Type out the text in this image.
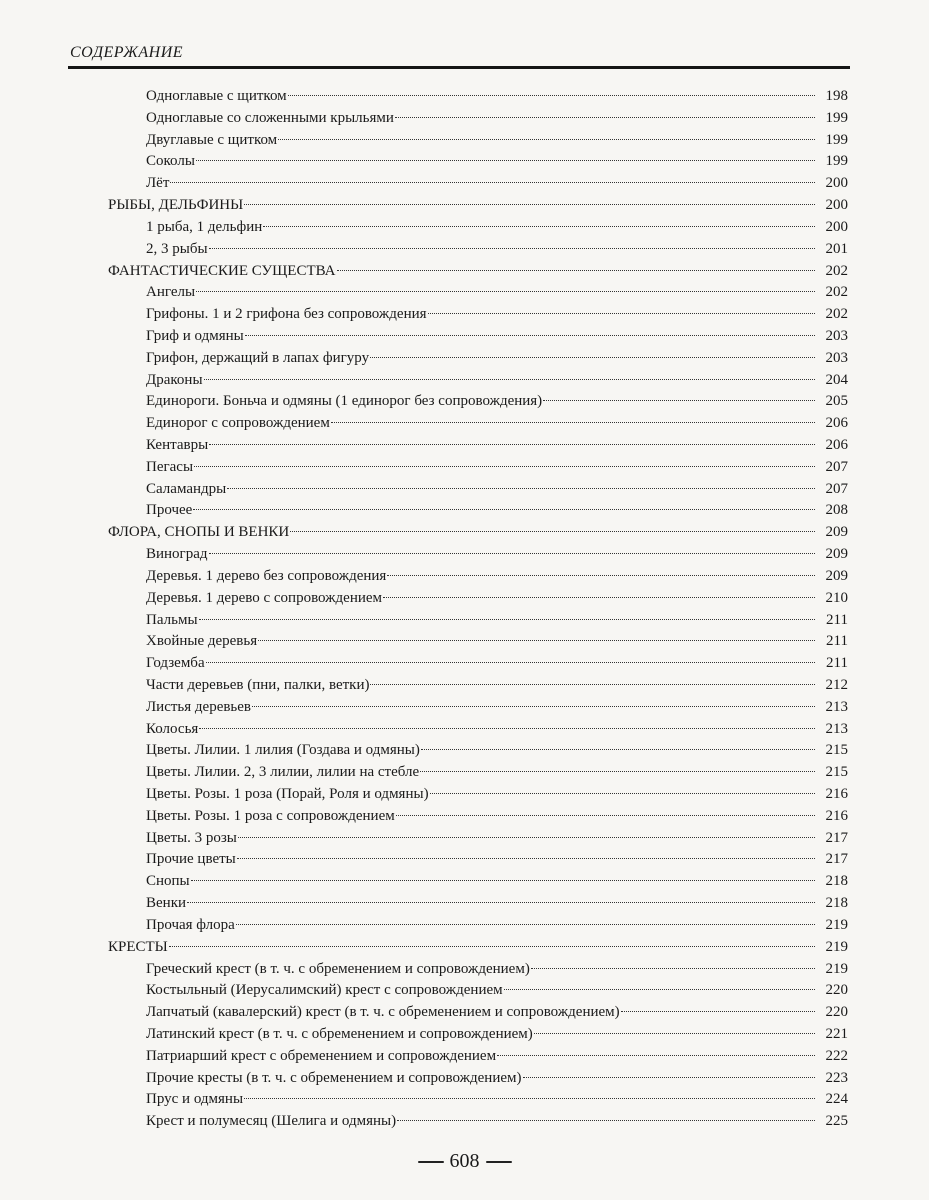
СОДЕРЖАНИЕ
Одноглавые с щитком	198
Одноглавые со сложенными крыльями	199
Двуглавые с щитком	199
Соколы	199
Лёт	200
РЫБЫ, ДЕЛЬФИНЫ	200
1 рыба, 1 дельфин	200
2, 3 рыбы	201
ФАНТАСТИЧЕСКИЕ СУЩЕСТВА	202
Ангелы	202
Грифоны. 1 и 2 грифона без сопровождения	202
Гриф и одмяны	203
Грифон, держащий в лапах фигуру	203
Драконы	204
Единороги. Боньча и одмяны (1 единорог без сопровождения)	205
Единорог с сопровождением	206
Кентавры	206
Пегасы	207
Саламандры	207
Прочее	208
ФЛОРА, СНОПЫ И ВЕНКИ	209
Виноград	209
Деревья. 1 дерево без сопровождения	209
Деревья. 1 дерево с сопровождением	210
Пальмы	211
Хвойные деревья	211
Годземба	211
Части деревьев (пни, палки, ветки)	212
Листья деревьев	213
Колосья	213
Цветы. Лилии. 1 лилия (Гоздава и одмяны)	215
Цветы. Лилии. 2, 3 лилии, лилии на стебле	215
Цветы. Розы. 1 роза (Порай, Роля и одмяны)	216
Цветы. Розы. 1 роза с сопровождением	216
Цветы. 3 розы	217
Прочие цветы	217
Снопы	218
Венки	218
Прочая флора	219
КРЕСТЫ	219
Греческий крест (в т. ч. с обременением и сопровождением)	219
Костыльный (Иерусалимский) крест с сопровождением	220
Лапчатый (кавалерский) крест (в т. ч. с обременением и сопровождением)	220
Латинский крест (в т. ч. с обременением и сопровождением)	221
Патриарший крест с обременением и сопровождением	222
Прочие кресты (в т. ч. с обременением и сопровождением)	223
Прус и одмяны	224
Крест и полумесяц (Шелига и одмяны)	225
608
